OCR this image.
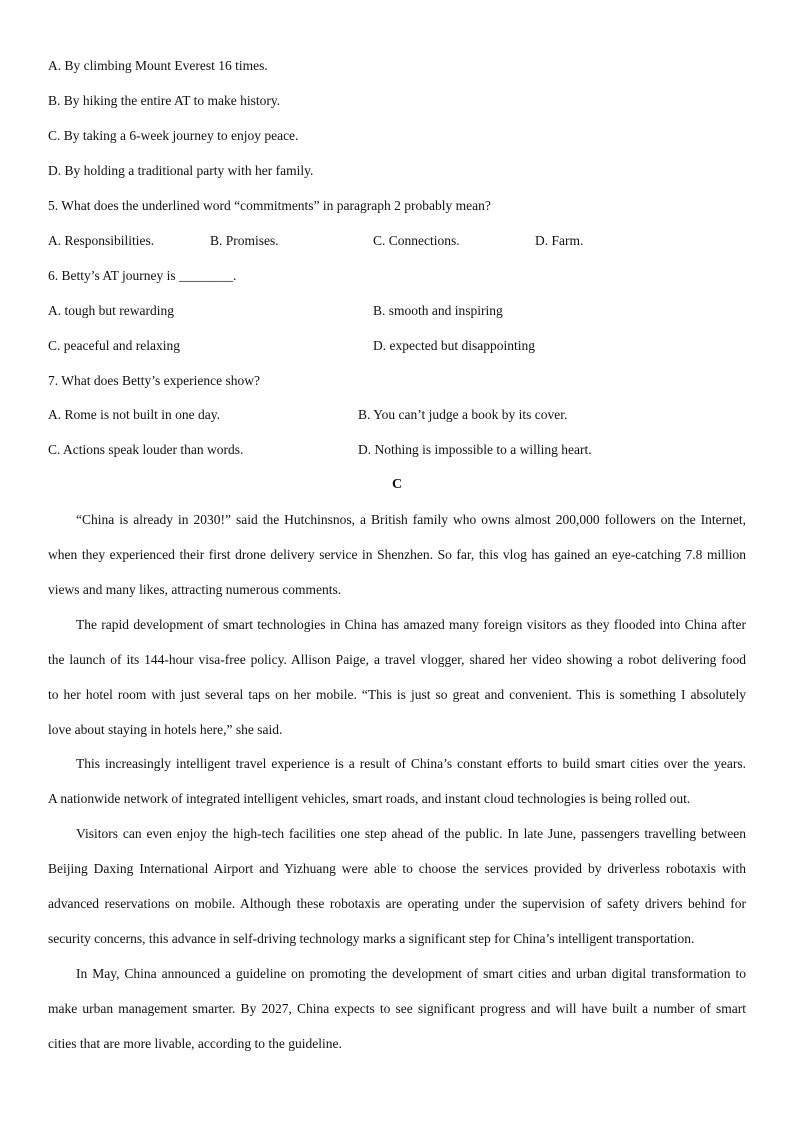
A. By climbing Mount Everest 16 times.
B. By hiking the entire AT to make history.
C. By taking a 6-week journey to enjoy peace.
D. By holding a traditional party with her family.
5. What does the underlined word “commitments” in paragraph 2 probably mean?
A. Responsibilities.	B. Promises.	C. Connections.	D. Farm.
6. Betty’s AT journey is ________.
A. tough but rewarding	B. smooth and inspiring
C. peaceful and relaxing	D. expected but disappointing
7. What does Betty’s experience show?
A. Rome is not built in one day.	B. You can’t judge a book by its cover.
C. Actions speak louder than words.	D. Nothing is impossible to a willing heart.
C
“China is already in 2030!” said the Hutchinsnos, a British family who owns almost 200,000 followers on the Internet,
when they experienced their first drone delivery service in Shenzhen. So far, this vlog has gained an eye-catching 7.8 million
views and many likes, attracting numerous comments.
The rapid development of smart technologies in China has amazed many foreign visitors as they flooded into China after
the launch of its 144-hour visa-free policy. Allison Paige, a travel vlogger, shared her video showing a robot delivering food
to her hotel room with just several taps on her mobile. “This is just so great and convenient. This is something I absolutely
love about staying in hotels here,” she said.
This increasingly intelligent travel experience is a result of China’s constant efforts to build smart cities over the years.
A nationwide network of integrated intelligent vehicles, smart roads, and instant cloud technologies is being rolled out.
Visitors can even enjoy the high-tech facilities one step ahead of the public. In late June, passengers travelling between
Beijing Daxing International Airport and Yizhuang were able to choose the services provided by driverless robotaxis with
advanced reservations on mobile. Although these robotaxis are operating under the supervision of safety drivers behind for
security concerns, this advance in self-driving technology marks a significant step for China’s intelligent transportation.
In May, China announced a guideline on promoting the development of smart cities and urban digital transformation to
make urban management smarter. By 2027, China expects to see significant progress and will have built a number of smart
cities that are more livable, according to the guideline.
